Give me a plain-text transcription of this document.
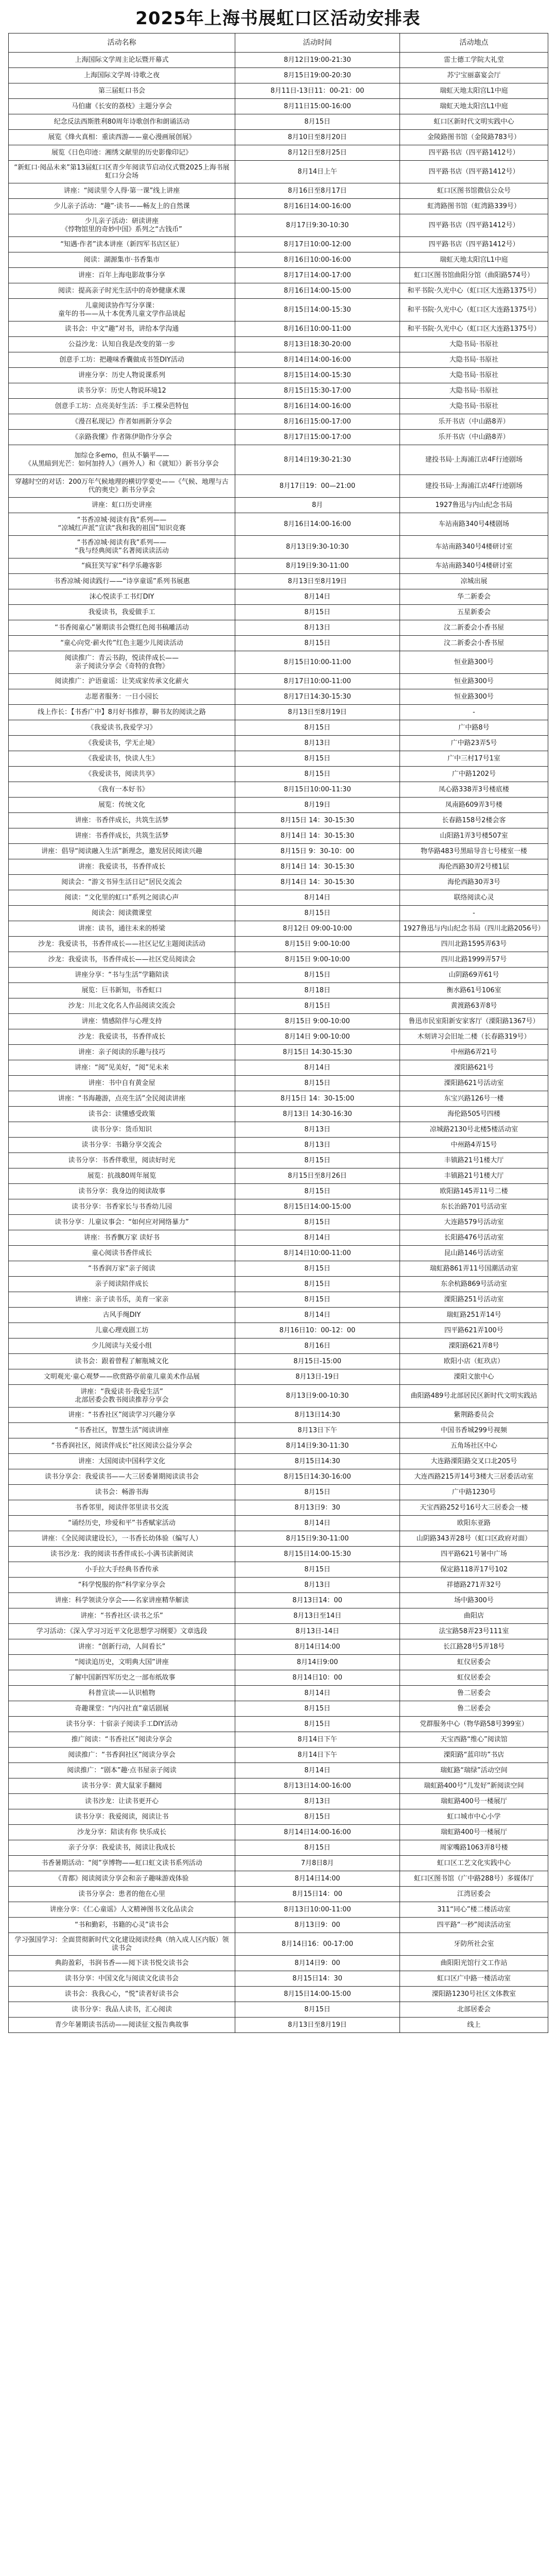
2025年上海书展虹口区活动安排表
活动名称	活动时间	活动地点

上海国际文学周主论坛暨开幕式	8月12日19:00-21:30	雷士德工学院大礼堂

上海国际文学周·诗歌之夜	8月15日19:00-20:30	苏宁宝丽嘉宴会厅

第三届虹口书会	8月11日-13日11：00-21：00	瑞虹天地太阳宫L1中庭

马伯庸《长安的荔枝》主题分享会	8月11日15:00-16:00	瑞虹天地太阳宫L1中庭

纪念反法西斯胜利80周年诗歌创作和朗诵活动	8月15日	虹口区新时代文明实践中心

展览《烽火真相：重读西游——童心漫画展创展》	8月10日至8月20日	金陵路图书馆（金陵路783号）

展览《日色印迹：湘绣文献里的历史影像印记》	8月12日至8月25日	四平路书店（四平路1412号）

“新虹口·阅品未来”第13届虹口区青少年阅读节启动仪式暨2025上海书展虹口分会场	8月14日上午	四平路书店（四平路1412号）

讲座：“阅读里令人得·第一课”线上讲座	8月16日至8月17日	虹口区图书馆微信公众号

少儿亲子活动：“趣”·读书——畅友上的自然课	8月16日14:00-16:00	虹湾路图书馆（虹湾路339号）

少儿亲子活动：研读讲座
《悖物馆里的奇妙中国》系列之“古钱币”	8月17日9:30-10:30	四平路书店（四平路1412号）

“知遇·作者”读本讲座（新四军书店区征）	8月17日10:00-12:00	四平路书店（四平路1412号）

阅读：湖源集市·书香集市	8月16日10:00-16:00	瑞虹天地太阳宫L1中庭

讲座：百年上海电影故事分享	8月17日14:00-17:00	虹口区图书馆曲阳分馆（曲阳路574号）

阅读：提高亲子时光生活中的奇妙健康术课	8月16日14:00-15:00	和平书院·久光中心（虹口区大连路1375号）

儿童阅读协作写分享课：
童年的书——从十本优秀儿童文学作品谈起	8月15日14:00-15:30	和平书院·久光中心（虹口区大连路1375号）

读书会：中文“趣”对书，讲给本学沟通	8月16日10:00-11:00	和平书院·久光中心（虹口区大连路1375号）

公益沙龙：认知自我是改变的第一步	8月13日18:30-20:00	大隐书局·书原社

创意手工坊：把趣味香囊做成书签DIY活动	8月14日14:00-16:00	大隐书局·书原社

讲座分享：历史人物说课系列	8月15日14:00-15:30	大隐书局·书原社

读书分享：历史人物说环境12	8月15日15:30-17:00	大隐书局·书原社

创意手工坊：点亮美好生活：手工棵朵芭特包	8月16日14:00-16:00	大隐书局·书原社

《漫召私现记》作者如画新分享会	8月16日15:00-17:00	乐开书店（中山路8弄）

《亲路我懂》作者陈伊勋作分享会	8月17日15:00-17:00	乐开书店（中山路8弄）

加综仓多emo，但从不躺平——
《从黑暗到光芒：如何加持人》（画外人）和《就知》）新书分享会	8月14日19:30-21:30	建投书局·上海浦江店4F行迹剧场

穿越时空的对话：200万年气候地理的横切学要史——《气候、地理与古代的奥史》新书分享会	8月17日19：00—21:00	建投书局·上海浦江店4F行迹剧场

讲座：虹口历史讲座	8月	1927鲁迅与内山纪念书局

“书香凉城·阅读有我”系列——
“凉城红声派”宣读“我和我的祖国”知识竞赛	8月16日14:00-16:00	车站南路340号4楼剧场

“书香凉城·阅读有我”系列——
“我与经典阅读”名著阅读读活动	8月13日9:30-10:30	车站南路340号4楼研讨室

“疯狂笑写家”科学乐趣客影	8月19日9:30-11:00	车站南路340号4楼研讨室

书香凉城·阅读践行——“诗享童谣”系列书展惠	8月13日至8月19日	凉城出展

沫心悦读手工书灯DIY	8月14日	华二新委会

我爱读书，我爱做手工	8月15日	五星新委会

“书香阅童心”暑期读书会暨红色阅书稿雕活动	8月13日	汶二新委会小香书屋

“童心向党·薪火传”红色主题少儿阅读活动	8月15日	汶二新委会小香书屋

阅读推广：青云书韵，悦读伴成长——
亲子阅读分享会《奇特的食物》	8月15日10:00-11:00	恒业路300号

阅读推广：沪语童谣：让笑成家传承文化薪火	8月17日10:00-11:00	恒业路300号

志愿者服务：一日小园长	8月17日14:30-15:30	恒业路300号

线上作长：【书香广中】8月好书推荐，聊书友的阅读之路	8月13日至8月19日	-

《我爱读书,我爱学习》	8月15日	广中路8号

《我爱读书，学无止境》	8月13日	广中路23弄5号

《我爱读书，快读人生》	8月15日	广中三村17号1室

《我爱读书，阅读共享》	8月15日	广中路1202号

《我有一本好书》	8月15日10:00-11:30	凤心路338弄3号楼底楼

展览：传统文化	8月19日	凤南路609弄3号楼

讲座：书香伴成长，共筑生活梦	8月15日 14：30-15:30	长春路158号2楼会客

讲座：书香伴成长，共筑生活梦	8月14日 14：30-15:30	山阳路1弄3号楼507室

讲座：倡导“阅读融入生活”新理念，邀发居民阅读兴趣	8月15日 9：30-10：00	物华路483号黑暗导音七号楼室一楼

讲座：我爱读书，书香伴成长	8月14日 14：30-15:30	海伦西路30弄2号楼1层

阅读会：“游文书异生活日记”居民交流会	8月14日 14：30-15:30	海伦西路30弄3号

阅读：“文化里的虹口”系列之阅读心声	8月14日	联络阅读心灵

阅读会：阅读微课堂	8月15日	-

讲座：读书，通往未来的桥梁	8月12日 09:00-10:00	1927鲁迅与内山纪念书局（四川北路2056号）

沙龙：我爱读书，书香伴成长——社区记忆主题阅读活动	8月15日 9:00-10:00	四川北路1595弄63号

沙龙：我爱读书，书香伴成长——社区党员阅读会	8月15日 9:00-10:00	四川北路1999弄57号

讲座分享：“书与生活”学籍陪读	8月15日	山阴路69弄61号

展览：巨书新知，书香虹口	8月18日	衡水路61号106室

沙龙：川北文化名人作品阅读交流会	8月15日	黄渡路63弄8号

讲座：情感陪伴与心理支持	8月15日 9:00-10:00	鲁迅市民室阳新安家客厅（溧阳路1367号）

沙龙：我爱读书，书香伴成长	8月14日 9:00-10:00	木刻讲习会旧址二楼（长春路319号）

讲座：亲子阅读的乐趣与技巧	8月15日 14:30-15:30	中州路6弄21号

讲座：“阅”见美好，“阅”见未来	8月14日	溧阳路621号

讲座：书中自有黄金屋	8月15日	溧阳路621号活动室

讲座：“书海趣游，点亮生活”全民阅读讲座	8月15日 14：30-15:00	东宝兴路126号一楼

读书会：读懂感受政策	8月13日 14:30-16:30	海伦路505号四楼

读书分享：货币知识	8月13日	凉城路2130号北楼5楼活动室

读书分享：书籍分享交流会	8月13日	中州路4弄15号

读书分享：书香伴歌里，阅读好时光	8月15日	丰镇路21号1楼大厅

展览：抗战80周年展览	8月15日至8月26日	丰镇路21号1楼大厅

读书分享：我身边的阅读故事	8月15日	欧阳路145弄11号二楼

读书分享：书香家长与书香幼儿园	8月15日14:00-15:00	东长治路701号活动室

读书分享：儿童议事会：“如何应对网络暴力”	8月15日	大连路579号活动室

讲座：书香飘万家 读好书	8月14日	长阳路476号活动室

童心阅读书香伴成长	8月14日10:00-11:00	昆山路146号活动室

“书香润万家”亲子阅读	8月15日	瑞虹路861弄11号国潮活动室

亲子阅读陪伴成长	8月15日	东余杭路869号活动室

讲座：亲子读书乐，美育一家亲	8月15日	溧阳路251号活动室

古风手绳DIY	8月14日	瑞虹路251弄14号

儿童心理戏剧工坊	8月16日10：00-12：00	四平路621弄100号

少儿阅读与关爱小组	8月16日	溧阳路621弄8号

读书会：跟着曾程了解瓶城文化	8月15日-15:00	欧阳小店（虹玖店）

文明观光·童心观梦——欣赏路亭前童儿童美术作品展	8月13日-19日	溧阳文旅中心

讲座：“我爱读书·我爱生活”
北部居委会教书阅读推荐分享会	8月13日9:00-10:30	曲阳路489号北部居民区新时代文明实践站

讲座：“书香社区”阅读学习兴趣分享	8月13日14:30	紫荆路委员会

“书香社区，智慧生活”阅读讲座	8月13日下午	中国书香城299号视频

“书香润社区，阅读伴成长”社区阅读公益分享会	8月14日9:30-11:30	五角场社区中心

讲座：大国阅读中国科学文化	8月15日14:30	大连路溧阳路交叉口北205号

读书分享会：我爱读书——大三居委暑期阅读读书会	8月15日14:30-16:00	大连西路215弄14号3楼大三居委活动室

读书会：畅游书海	8月15日	广中路1230号

书香邻里，阅读伴邻里读书交流	8月13日9：30	天宝西路252号16号大三居委会一楼

“诵经历史，珍爱和平”书香赋家活动	8月14日	欧阳东亚路

讲座：《全民阅读建设长》，一书香长幼体验（编写人）	8月15日9:30-11:00	山阴路343弄28号（虹口区政府对面）

读书沙龙：我的阅读书香伴成长-小满书读新阅读	8月15日14:00-15:30	四平路621号暑中广场

小手拉大手经典书香传承	8月15日	保定路118弄17号102

“科学悦服的你”科学家分享会	8月13日	祥德路271弄32号

讲座：科学领读分享会——名家讲座精华解读	8月13日14：00	场中路300号

讲座：“书香社区·读书之乐”	8月13日至14日	曲阳店

学习活动：《深入学习习近平文化思想学习纲要》文章选段	8月13日-14日	法宝路58弄23号111室

讲座：“创新行动，人间看长”	8月14日14:00	长江路28号5弄18号

“阅读追历史，文明典大国”讲座	8月14日9:00	虹仪居委会

了解中国新四军历史之一部布纸故事	8月14日10：00	虹仪居委会

科普宣读——认识植物	8月14日	鲁二居委会

奇趣课堂：“内闪社直”童话剧展	8月15日	鲁二居委会

读书分享：十宿亲子阅读手工DIY活动	8月15日	党群服务中心（物华路58号399室）

推广阅读：“书香社区”阅读分享会	8月14日下午	天宝西路“维心”阅读馆

阅读推广：“书香润社区”阅读分享会	8月14日下午	溧阳路“蓝印坊”书店

阅读推广：“剧本”趣·点书屋亲子阅读	8月14日	瑞虹路“瑞绿”活动空间

读书分享：黄大鼠家手翻阅	8月13日14:00-16:00	瑞虹路400号“儿发好”新阅读空间

读书沙龙：让读书更开心	8月13日	瑞虹路400号一楼展厅

读书分享：我爱阅读，阅读让书	8月15日	虹口城市中心小学

沙龙分享：陪读有你 快乐成长	8月14日14:00-16:00	瑞虹路400号一楼展厅

亲子分享：我爱读书，阅读让我成长	8月15日	周家嘴路1063弄8号楼

书香暑期活动：“阅”享博物——虹口虹文读书系列活动	7月8日8月	虹口区工艺文化实践中心

《青都》阅读阅读分享会和亲子趣味游戏体验	8月14日14:00	虹口区图书馆（广中路288号）多媒体厅

读书分享会：患者的他在心里	8月15日14：00	江湾居委会

讲座分享：《仁心童谣》人文精神图书文化品读会	8月13日10:00-11:00	311“同心”楼二楼活动室

“书和勤彩，书籍的心灵”读书会	8月13日9：00	四平路“一秒”阅读活动室

学习强国学习：全面贯彻新时代文化建设阅读经典（纳入成人区内版）领读书会	8月14日16：00-17:00	牙防所社会室

典韵盈彩，书润书香——阅下读书悦交读书会	8月14日9：00	曲阳阳光馆行文工作站

读书分享：中国文化与阅读文化读书会	8月15日14：30	虹口区广中路一楼活动室

读书会：我我心心，“悦”读者好读书会	8月15日14:00-15:00	溧阳路1230号社区文体教室

读书分享：我品人读书，汇心阅读	8月15日	北部居委会

青少年暑期读书活动——阅读征文报告典故事	8月13日至8月19日	线上
